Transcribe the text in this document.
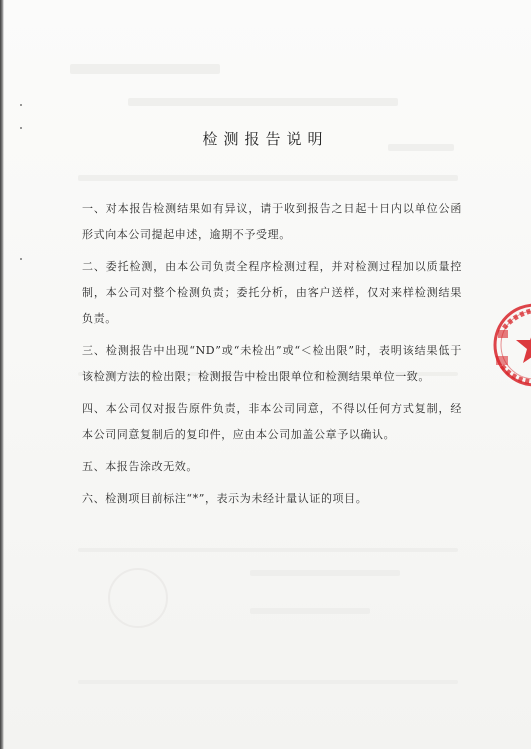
检测报告说明

一、对本报告检测结果如有异议，请于收到报告之日起十日内以单位公函形式向本公司提起申述，逾期不予受理。

二、委托检测，由本公司负责全程序检测过程，并对检测过程加以质量控制，本公司对整个检测负责；委托分析，由客户送样，仅对来样检测结果负责。

三、检测报告中出现“ND”或“未检出”或“＜检出限”时，表明该结果低于该检测方法的检出限；检测报告中检出限单位和检测结果单位一致。

四、本公司仅对报告原件负责，非本公司同意，不得以任何方式复制，经本公司同意复制后的复印件，应由本公司加盖公章予以确认。

五、本报告涂改无效。

六、检测项目前标注“*”，表示为未经计量认证的项目。
